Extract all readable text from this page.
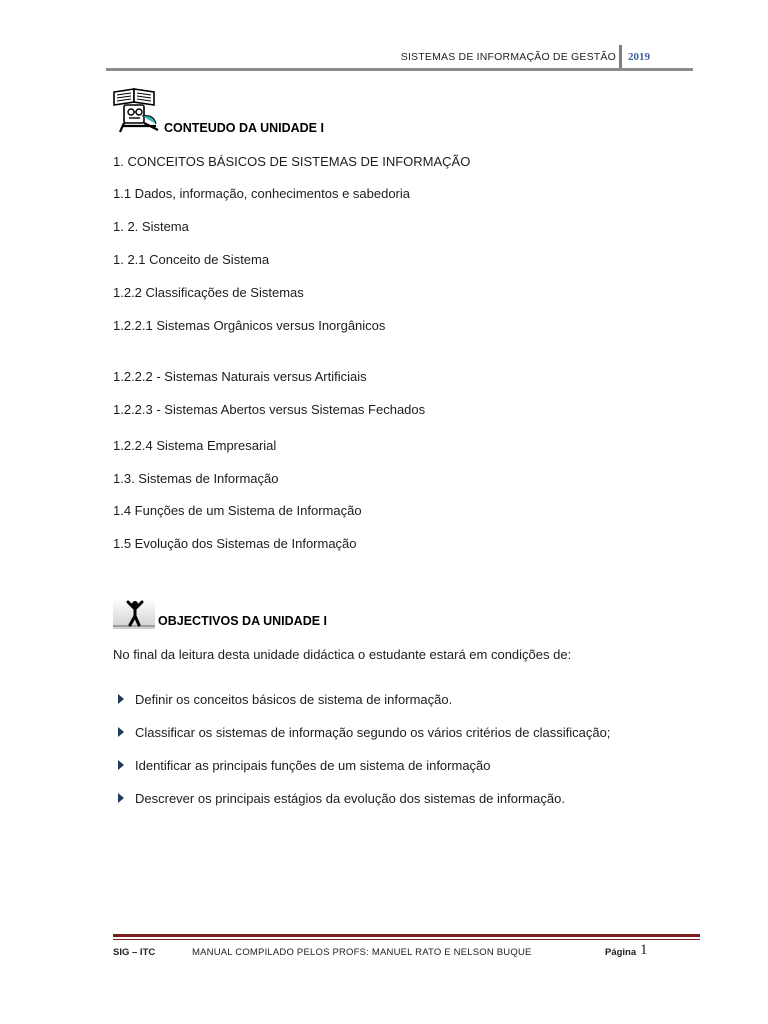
SISTEMAS DE INFORMAÇÃO DE GESTÃO 2019
CONTEUDO DA UNIDADE I
1. CONCEITOS BÁSICOS DE SISTEMAS DE INFORMAÇÃO
1.1 Dados, informação, conhecimentos e sabedoria
1. 2. Sistema
1. 2.1 Conceito de Sistema
1.2.2 Classificações de Sistemas
1.2.2.1 Sistemas Orgânicos versus Inorgânicos
1.2.2.2 - Sistemas Naturais versus Artificiais
1.2.2.3 - Sistemas Abertos versus Sistemas Fechados
1.2.2.4 Sistema Empresarial
1.3. Sistemas de Informação
1.4 Funções de um Sistema de Informação
1.5 Evolução dos Sistemas de Informação
OBJECTIVOS DA UNIDADE I
No final da leitura desta unidade didáctica o estudante estará em condições de:
Definir os conceitos básicos de sistema de informação.
Classificar os sistemas de informação segundo os vários critérios de classificação;
Identificar as principais funções de um sistema de informação
Descrever os principais estágios da evolução dos sistemas de informação.
SIG – ITC	MANUAL COMPILADO PELOS PROFS: MANUEL RATO E NELSON BUQUE	Página 1
